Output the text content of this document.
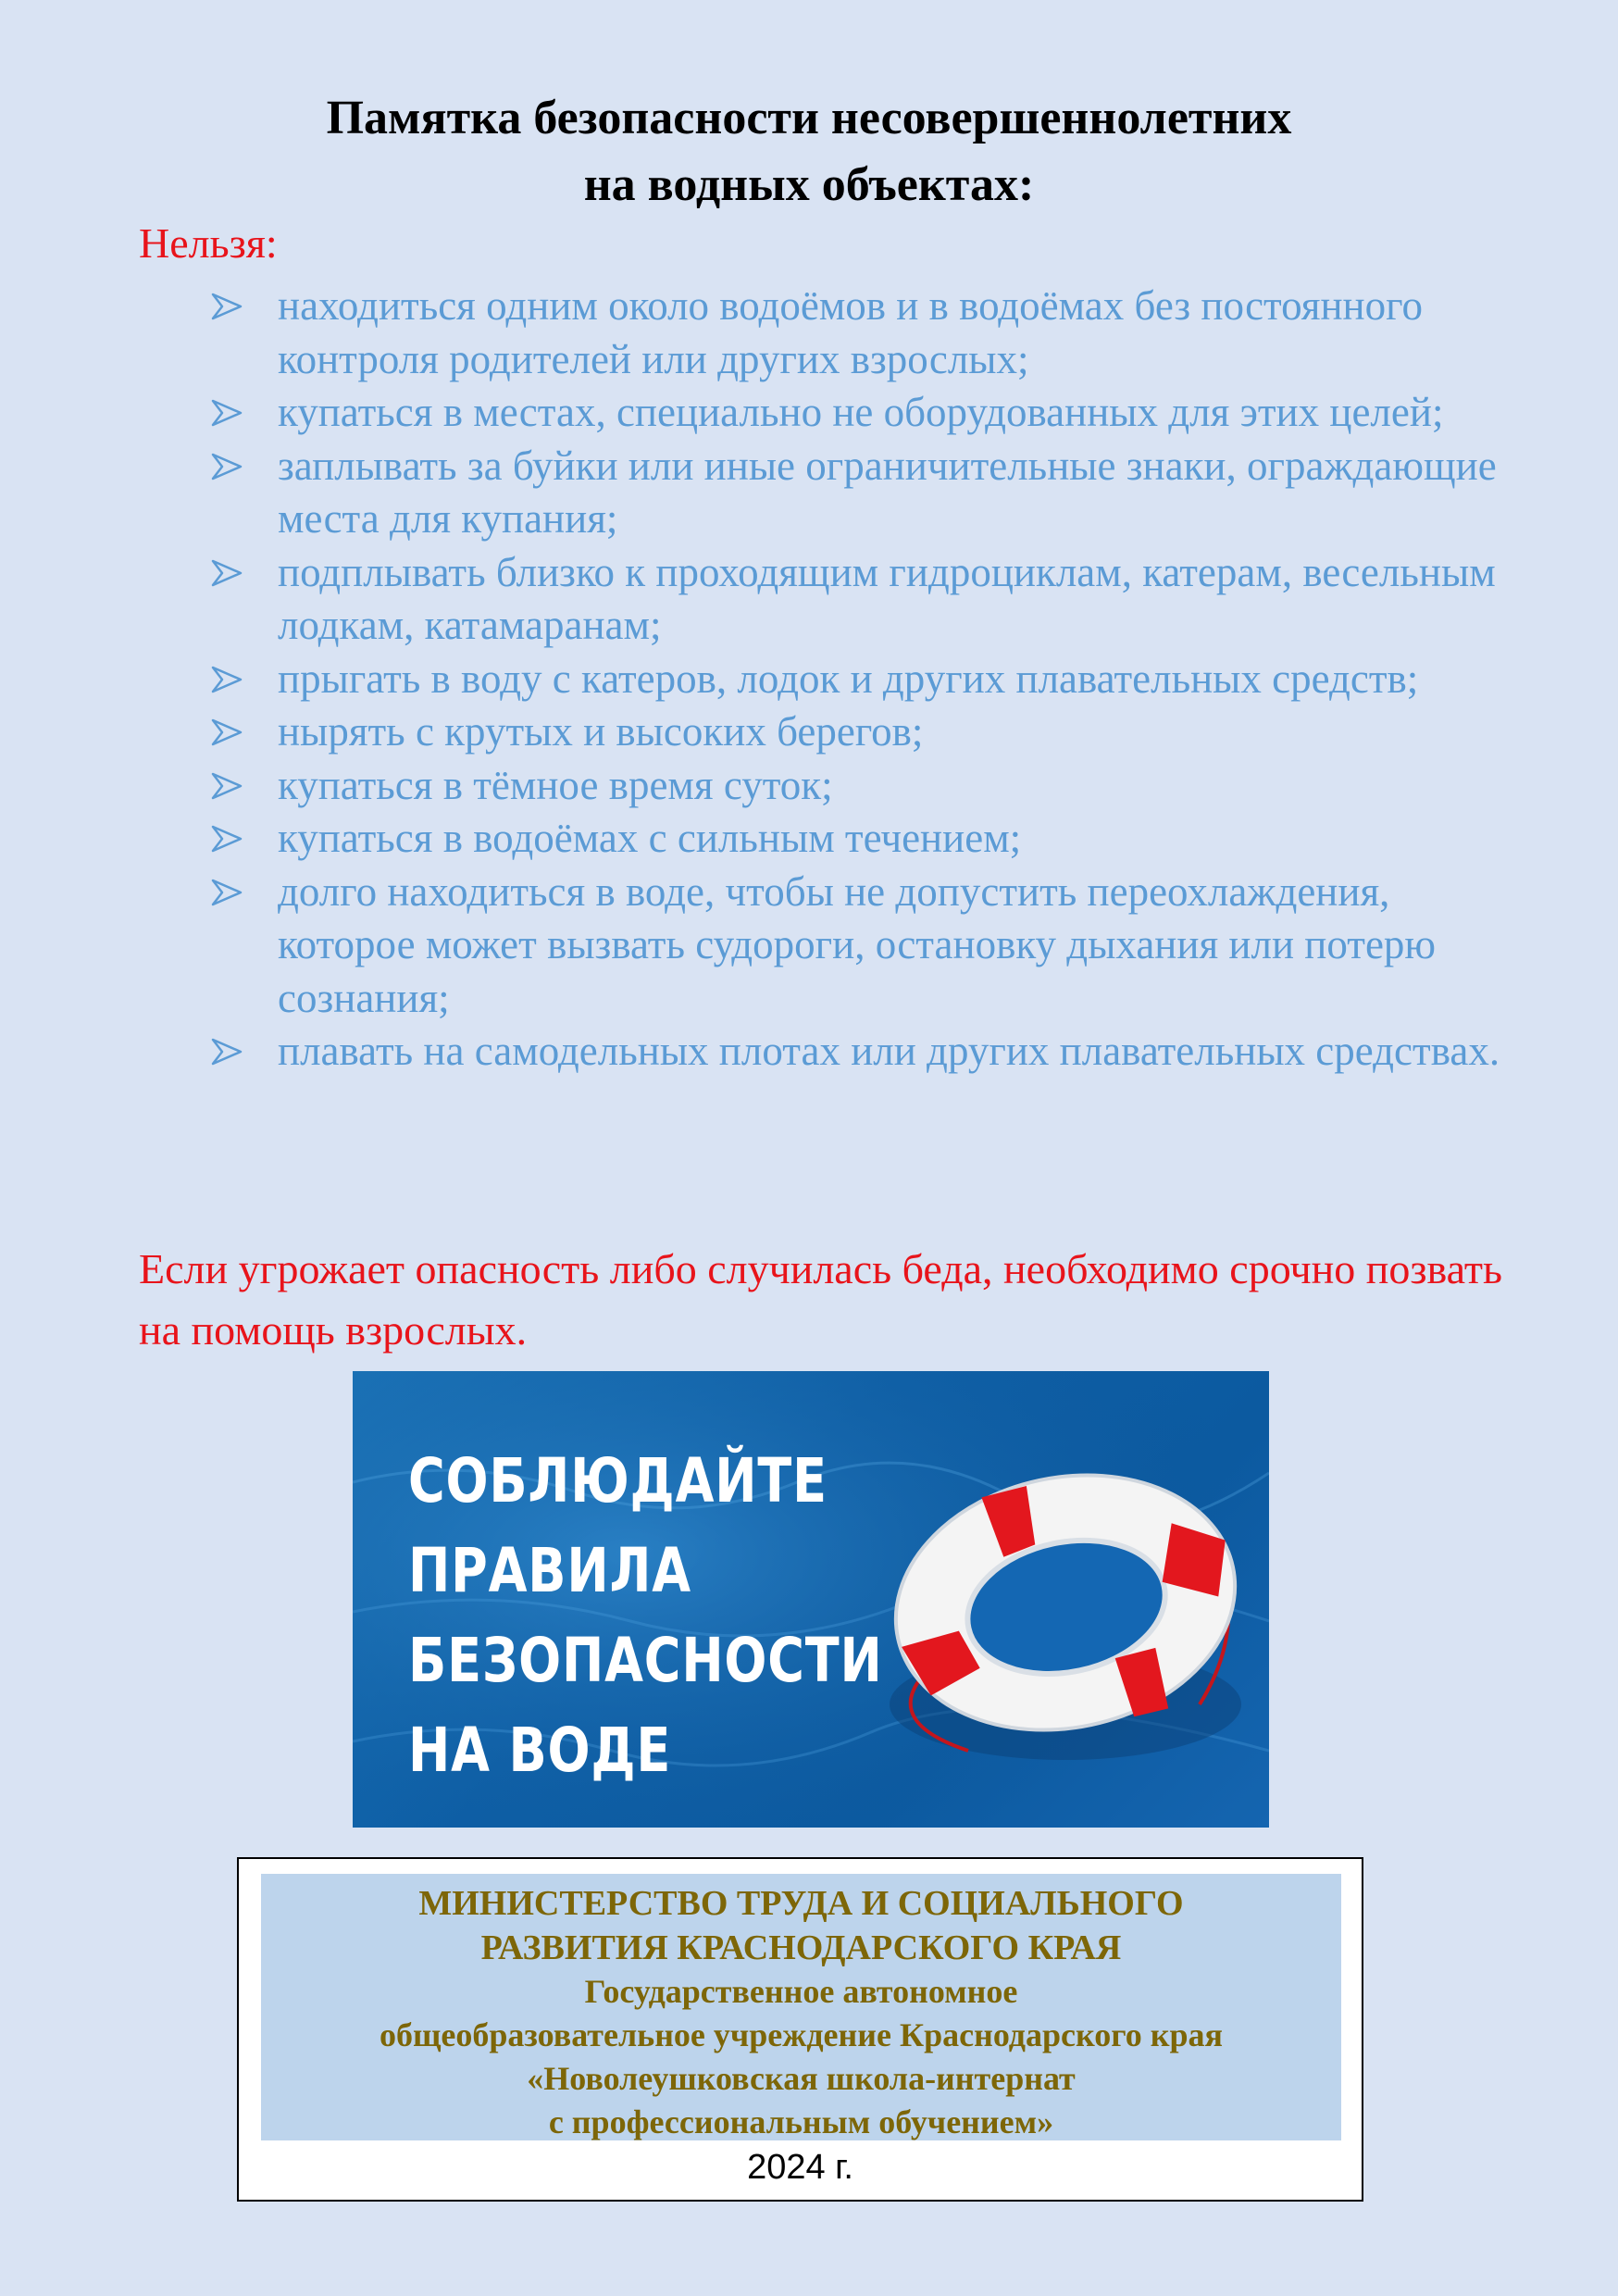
Памятка безопасности несовершеннолетних
на водных объектах:
Нельзя:
находиться одним около водоёмов и в водоёмах без постоянного контроля родителей или других взрослых;
купаться в местах, специально не оборудованных для этих целей;
заплывать за буйки или иные ограничительные знаки, ограждающие места для купания;
подплывать близко к проходящим гидроциклам, катерам, весельным лодкам, катамаранам;
прыгать в воду с катеров, лодок и других плавательных средств;
нырять с крутых и высоких берегов;
купаться в тёмное время суток;
купаться в водоёмах с сильным течением;
долго находиться в воде, чтобы не допустить переохлаждения, которое может вызвать судороги, остановку дыхания или потерю сознания;
плавать на самодельных плотах или других плавательных средствах.
Если угрожает опасность либо случилась беда, необходимо срочно позвать на помощь взрослых.
СОБЛЮДАЙТЕ
ПРАВИЛА
БЕЗОПАСНОСТИ
НА ВОДЕ
МИНИСТЕРСТВО ТРУДА И СОЦИАЛЬНОГО
РАЗВИТИЯ КРАСНОДАРСКОГО КРАЯ
Государственное автономное
общеобразовательное учреждение Краснодарского края
«Новолеушковская школа-интернат
с профессиональным обучением»
2024 г.
